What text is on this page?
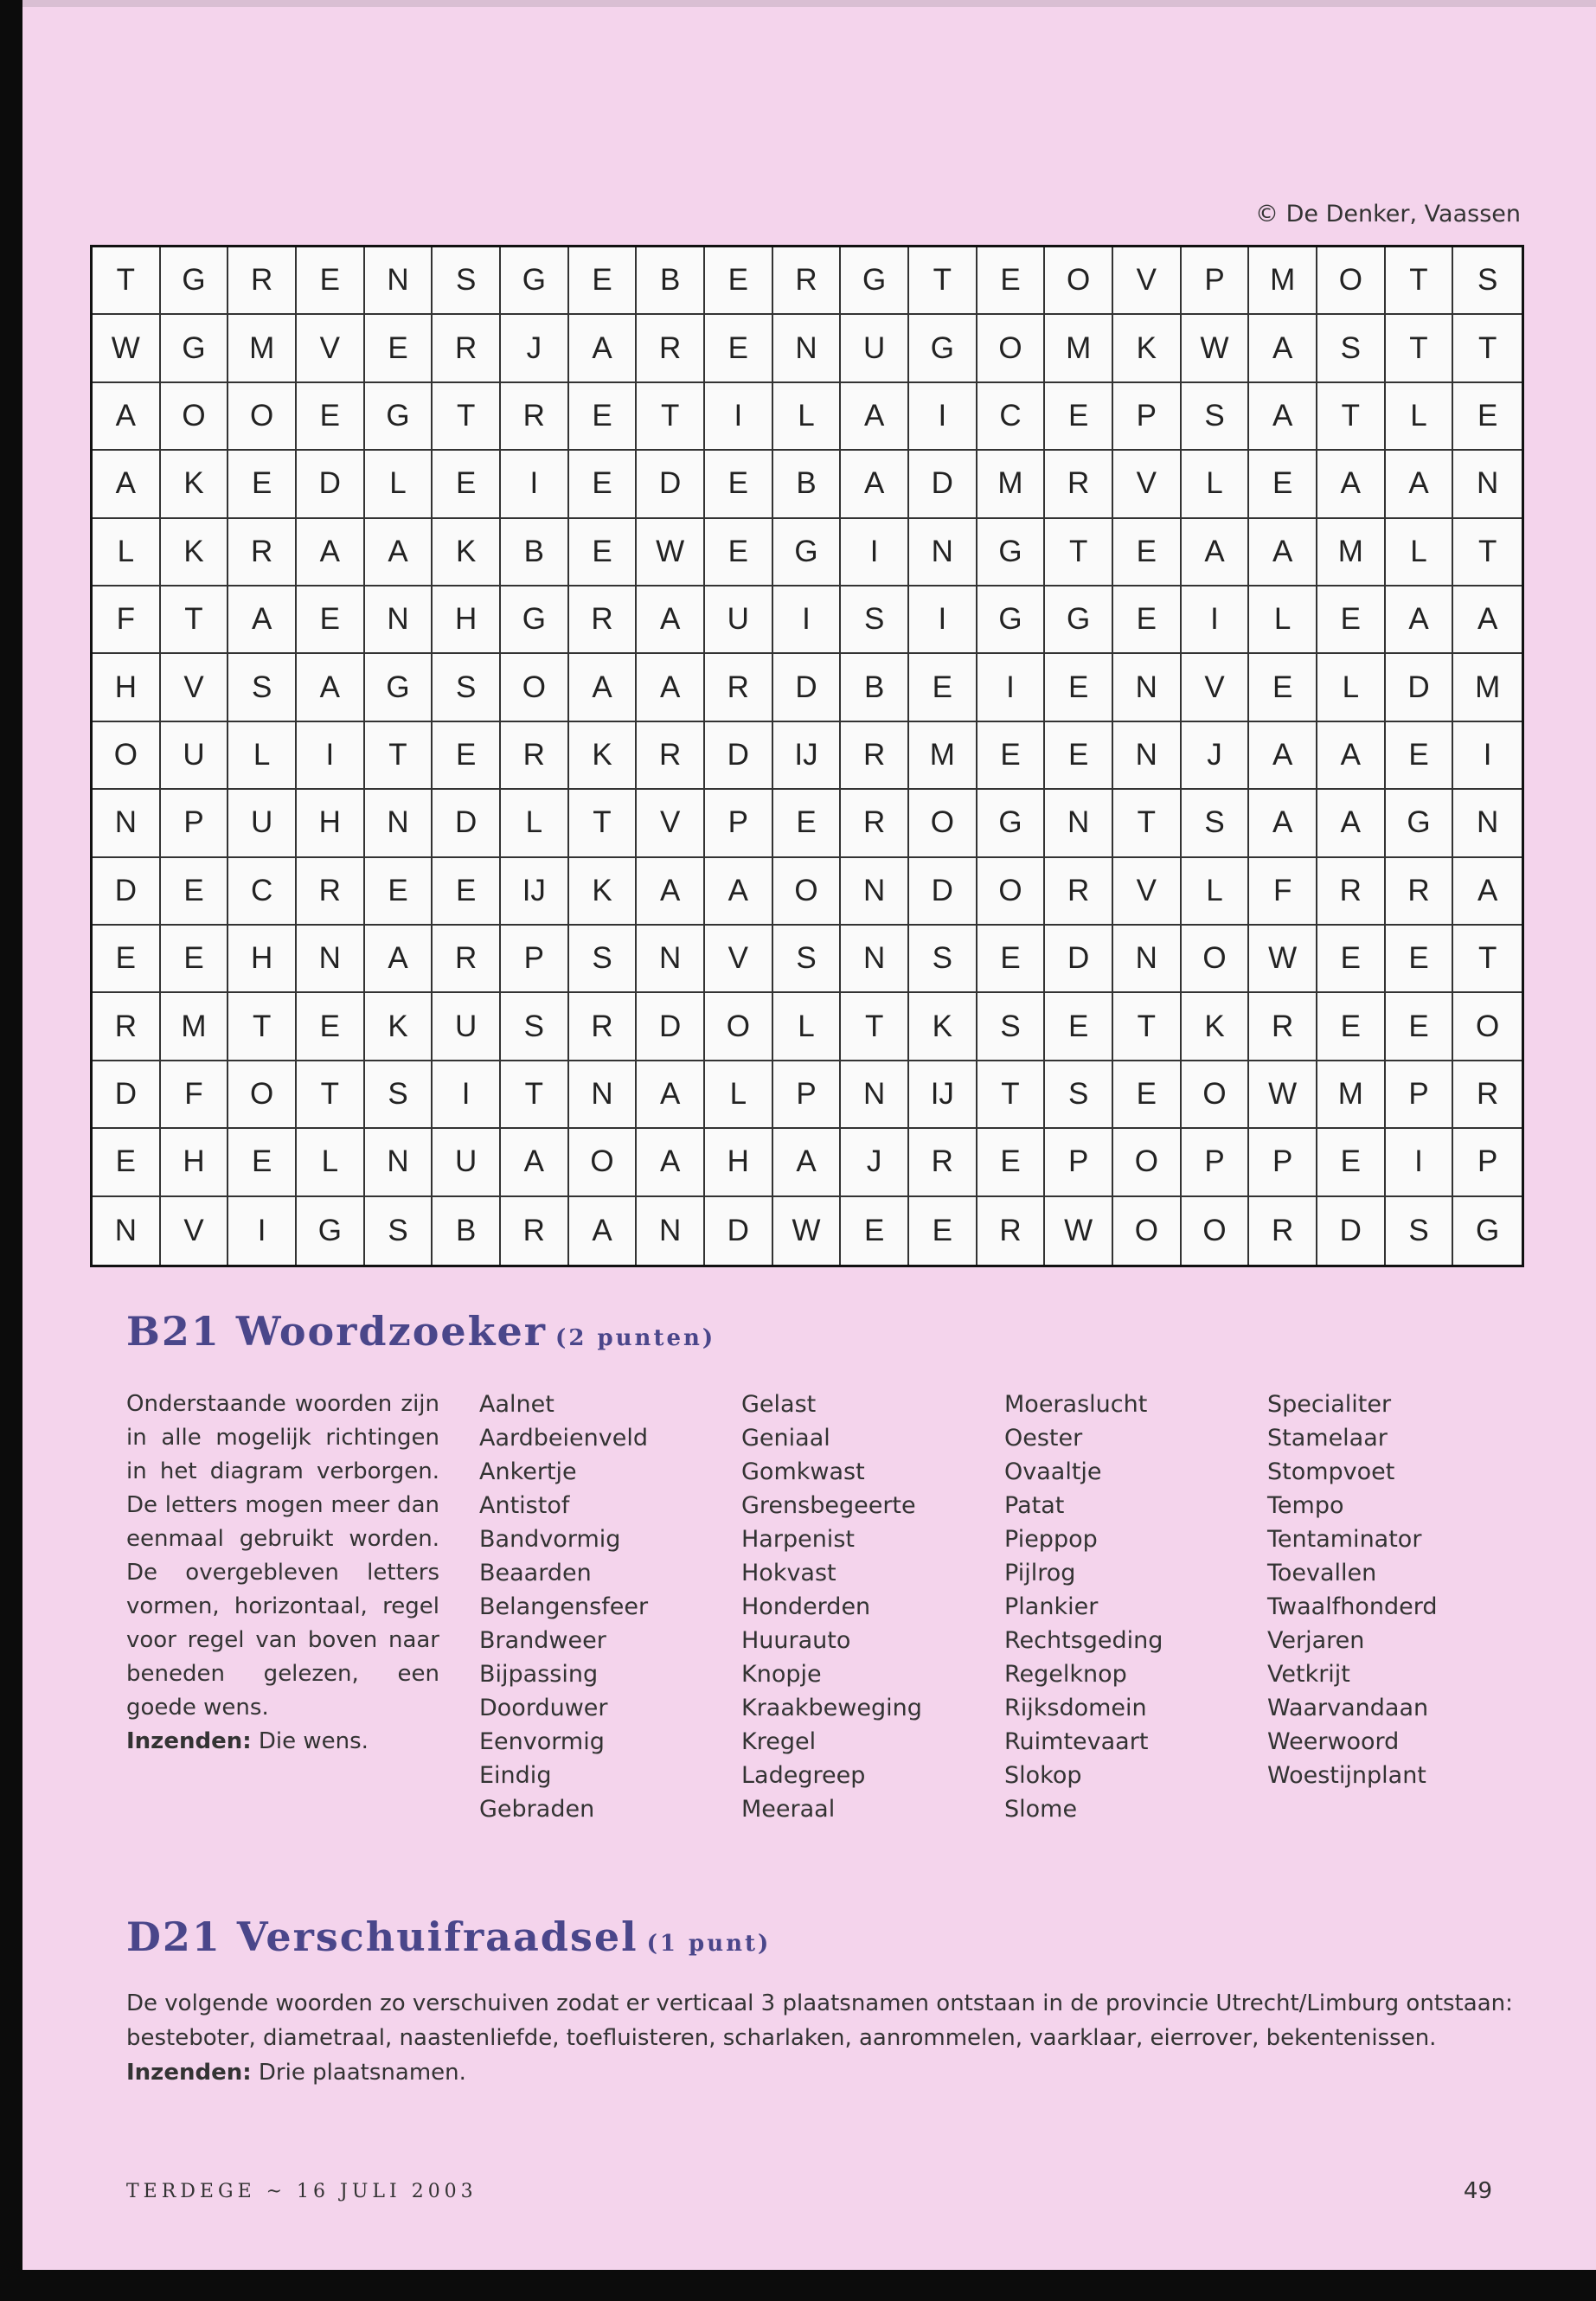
© De Denker, Vaassen
T	G	R	E	N	S	G	E	B	E	R	G	T	E	O	V	P	M	O	T	S
W	G	M	V	E	R	J	A	R	E	N	U	G	O	M	K	W	A	S	T	T
A	O	O	E	G	T	R	E	T	I	L	A	I	C	E	P	S	A	T	L	E
A	K	E	D	L	E	I	E	D	E	B	A	D	M	R	V	L	E	A	A	N
L	K	R	A	A	K	B	E	W	E	G	I	N	G	T	E	A	A	M	L	T
F	T	A	E	N	H	G	R	A	U	I	S	I	G	G	E	I	L	E	A	A
H	V	S	A	G	S	O	A	A	R	D	B	E	I	E	N	V	E	L	D	M
O	U	L	I	T	E	R	K	R	D	IJ	R	M	E	E	N	J	A	A	E	I
N	P	U	H	N	D	L	T	V	P	E	R	O	G	N	T	S	A	A	G	N
D	E	C	R	E	E	IJ	K	A	A	O	N	D	O	R	V	L	F	R	R	A
E	E	H	N	A	R	P	S	N	V	S	N	S	E	D	N	O	W	E	E	T
R	M	T	E	K	U	S	R	D	O	L	T	K	S	E	T	K	R	E	E	O
D	F	O	T	S	I	T	N	A	L	P	N	IJ	T	S	E	O	W	M	P	R
E	H	E	L	N	U	A	O	A	H	A	J	R	E	P	O	P	P	E	I	P
N	V	I	G	S	B	R	A	N	D	W	E	E	R	W	O	O	R	D	S	G
B21 Woordzoeker (2 punten)
Onderstaande woorden zijn in alle mogelijk richtingen in het diagram verborgen. De letters mogen meer dan eenmaal gebruikt worden. De overgebleven letters vormen, horizontaal, regel voor regel van boven naar beneden gelezen, een goede wens.

Inzenden: Die wens.

Aalnet
Aardbeienveld
Ankertje
Antistof
Bandvormig
Beaarden
Belangensfeer
Brandweer
Bijpassing
Doorduwer
Eenvormig
Eindig
Gebraden
Gelast
Geniaal
Gomkwast
Grensbegeerte
Harpenist
Hokvast
Honderden
Huurauto
Knopje
Kraakbeweging
Kregel
Ladegreep
Meeraal
Moeraslucht
Oester
Ovaaltje
Patat
Pieppop
Pijlrog
Plankier
Rechtsgeding
Regelknop
Rijksdomein
Ruimtevaart
Slokop
Slome
Specialiter
Stamelaar
Stompvoet
Tempo
Tentaminator
Toevallen
Twaalfhonderd
Verjaren
Vetkrijt
Waarvandaan
Weerwoord
Woestijnplant
D21 Verschuifraadsel (1 punt)

De volgende woorden zo verschuiven zodat er verticaal 3 plaatsnamen ontstaan in de provincie Utrecht/Limburg ontstaan:

besteboter, diametraal, naastenliefde, toefluisteren, scharlaken, aanrommelen, vaarklaar, eierrover, bekentenissen.

Inzenden: Drie plaatsnamen.

TERDEGE ~ 16 JULI 2003	49
